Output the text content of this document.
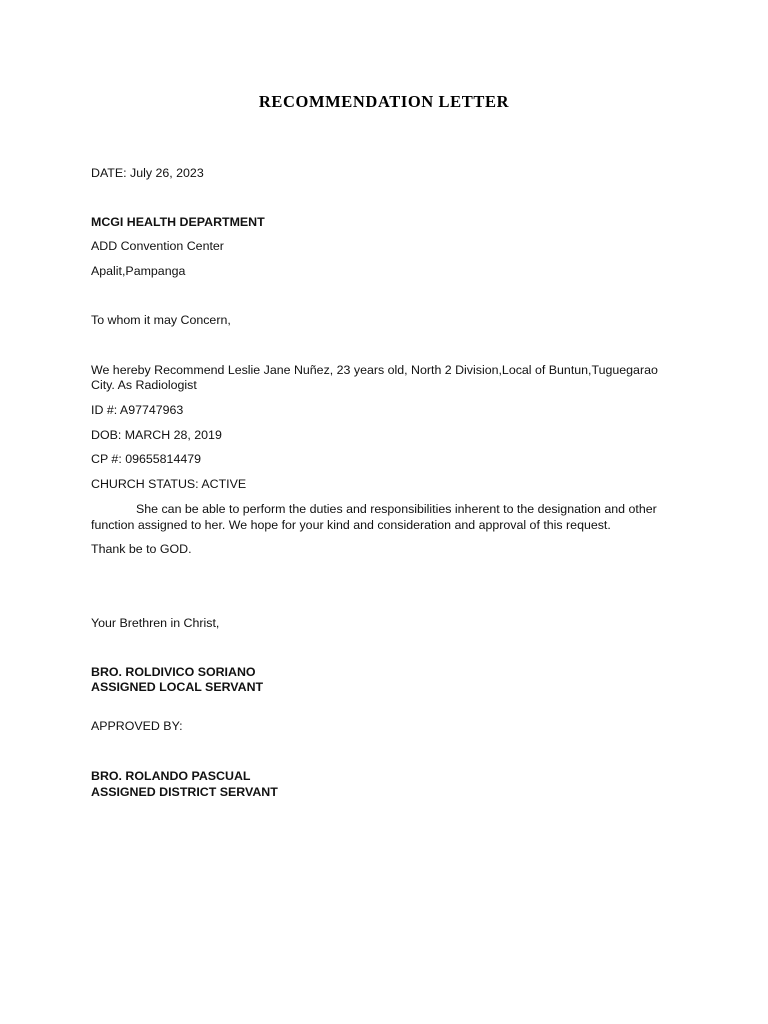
RECOMMENDATION LETTER
DATE: July 26, 2023
MCGI HEALTH DEPARTMENT
ADD Convention Center
Apalit,Pampanga
To whom it may Concern,
We hereby Recommend Leslie Jane Nuñez, 23 years old, North 2 Division,Local of Buntun,Tuguegarao
City. As Radiologist
ID #: A97747963
DOB: MARCH 28, 2019
CP #: 09655814479
CHURCH STATUS: ACTIVE
She can be able to perform the duties and responsibilities inherent to the designation and other
function assigned to her. We hope for your kind and consideration and approval of this request.
Thank be to GOD.
Your Brethren in Christ,
BRO. ROLDIVICO SORIANO
ASSIGNED LOCAL SERVANT
APPROVED BY:
BRO. ROLANDO PASCUAL
ASSIGNED DISTRICT SERVANT
